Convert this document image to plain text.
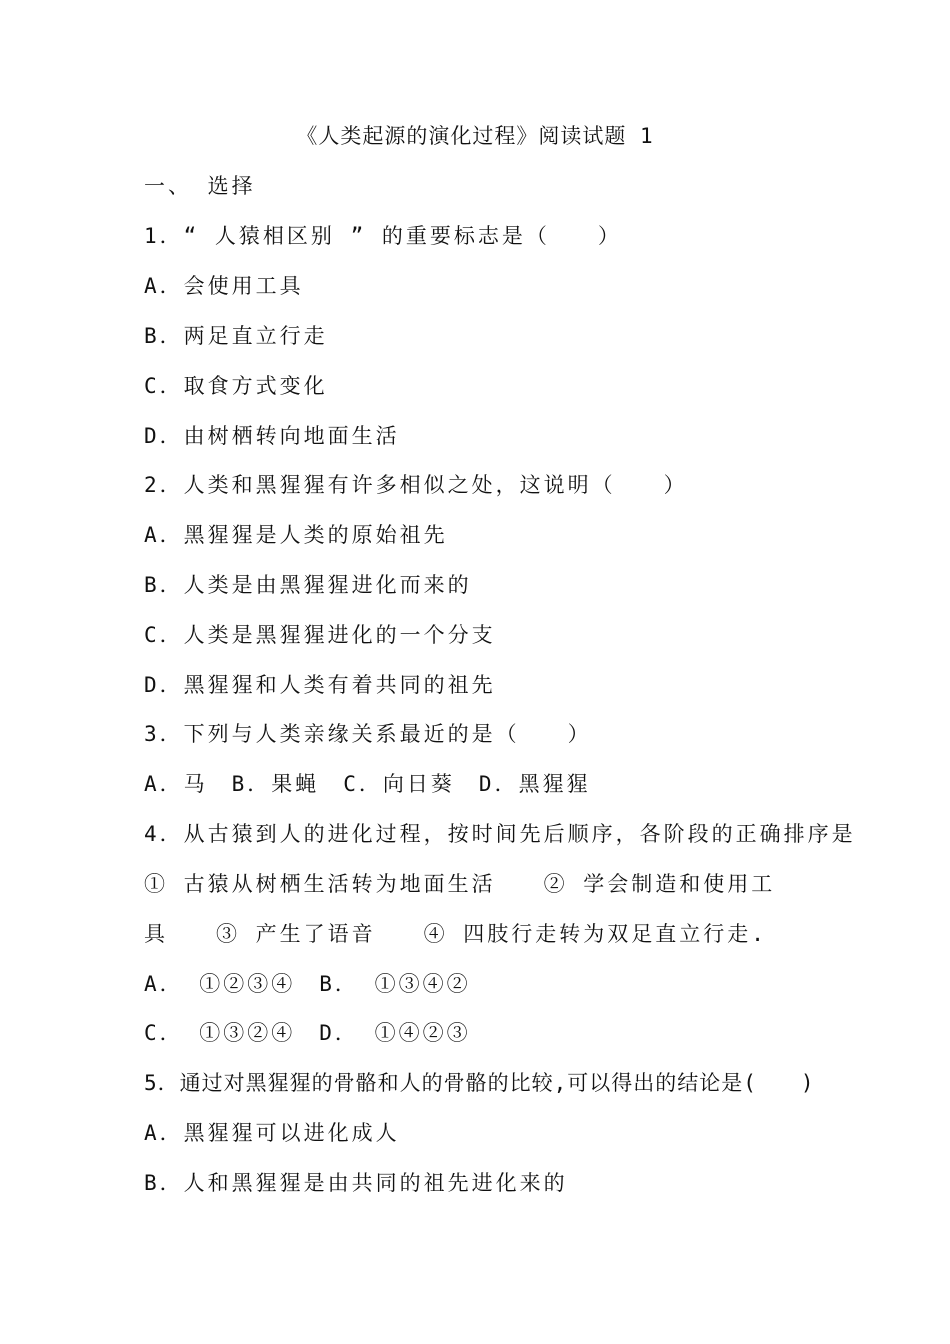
《人类起源的演化过程》阅读试题 1
一、 选择
1．“ 人猿相区别 ” 的重要标志是（　　）
A．会使用工具
B．两足直立行走
C．取食方式变化
D．由树栖转向地面生活
2．人类和黑猩猩有许多相似之处，这说明（　　）
A．黑猩猩是人类的原始祖先
B．人类是由黑猩猩进化而来的
C．人类是黑猩猩进化的一个分支
D．黑猩猩和人类有着共同的祖先
3．下列与人类亲缘关系最近的是（　　）
A．马　B．果蝇　C．向日葵　D．黑猩猩
4．从古猿到人的进化过程，按时间先后顺序，各阶段的正确排序是
① 古猿从树栖生活转为地面生活　　② 学会制造和使用工
具　　③ 产生了语音　　④ 四肢行走转为双足直立行走.
A． ①②③④　B． ①③④②
C． ①③②④　D． ①④②③
5．通过对黑猩猩的骨骼和人的骨骼的比较,可以得出的结论是(　　)
A．黑猩猩可以进化成人
B．人和黑猩猩是由共同的祖先进化来的
